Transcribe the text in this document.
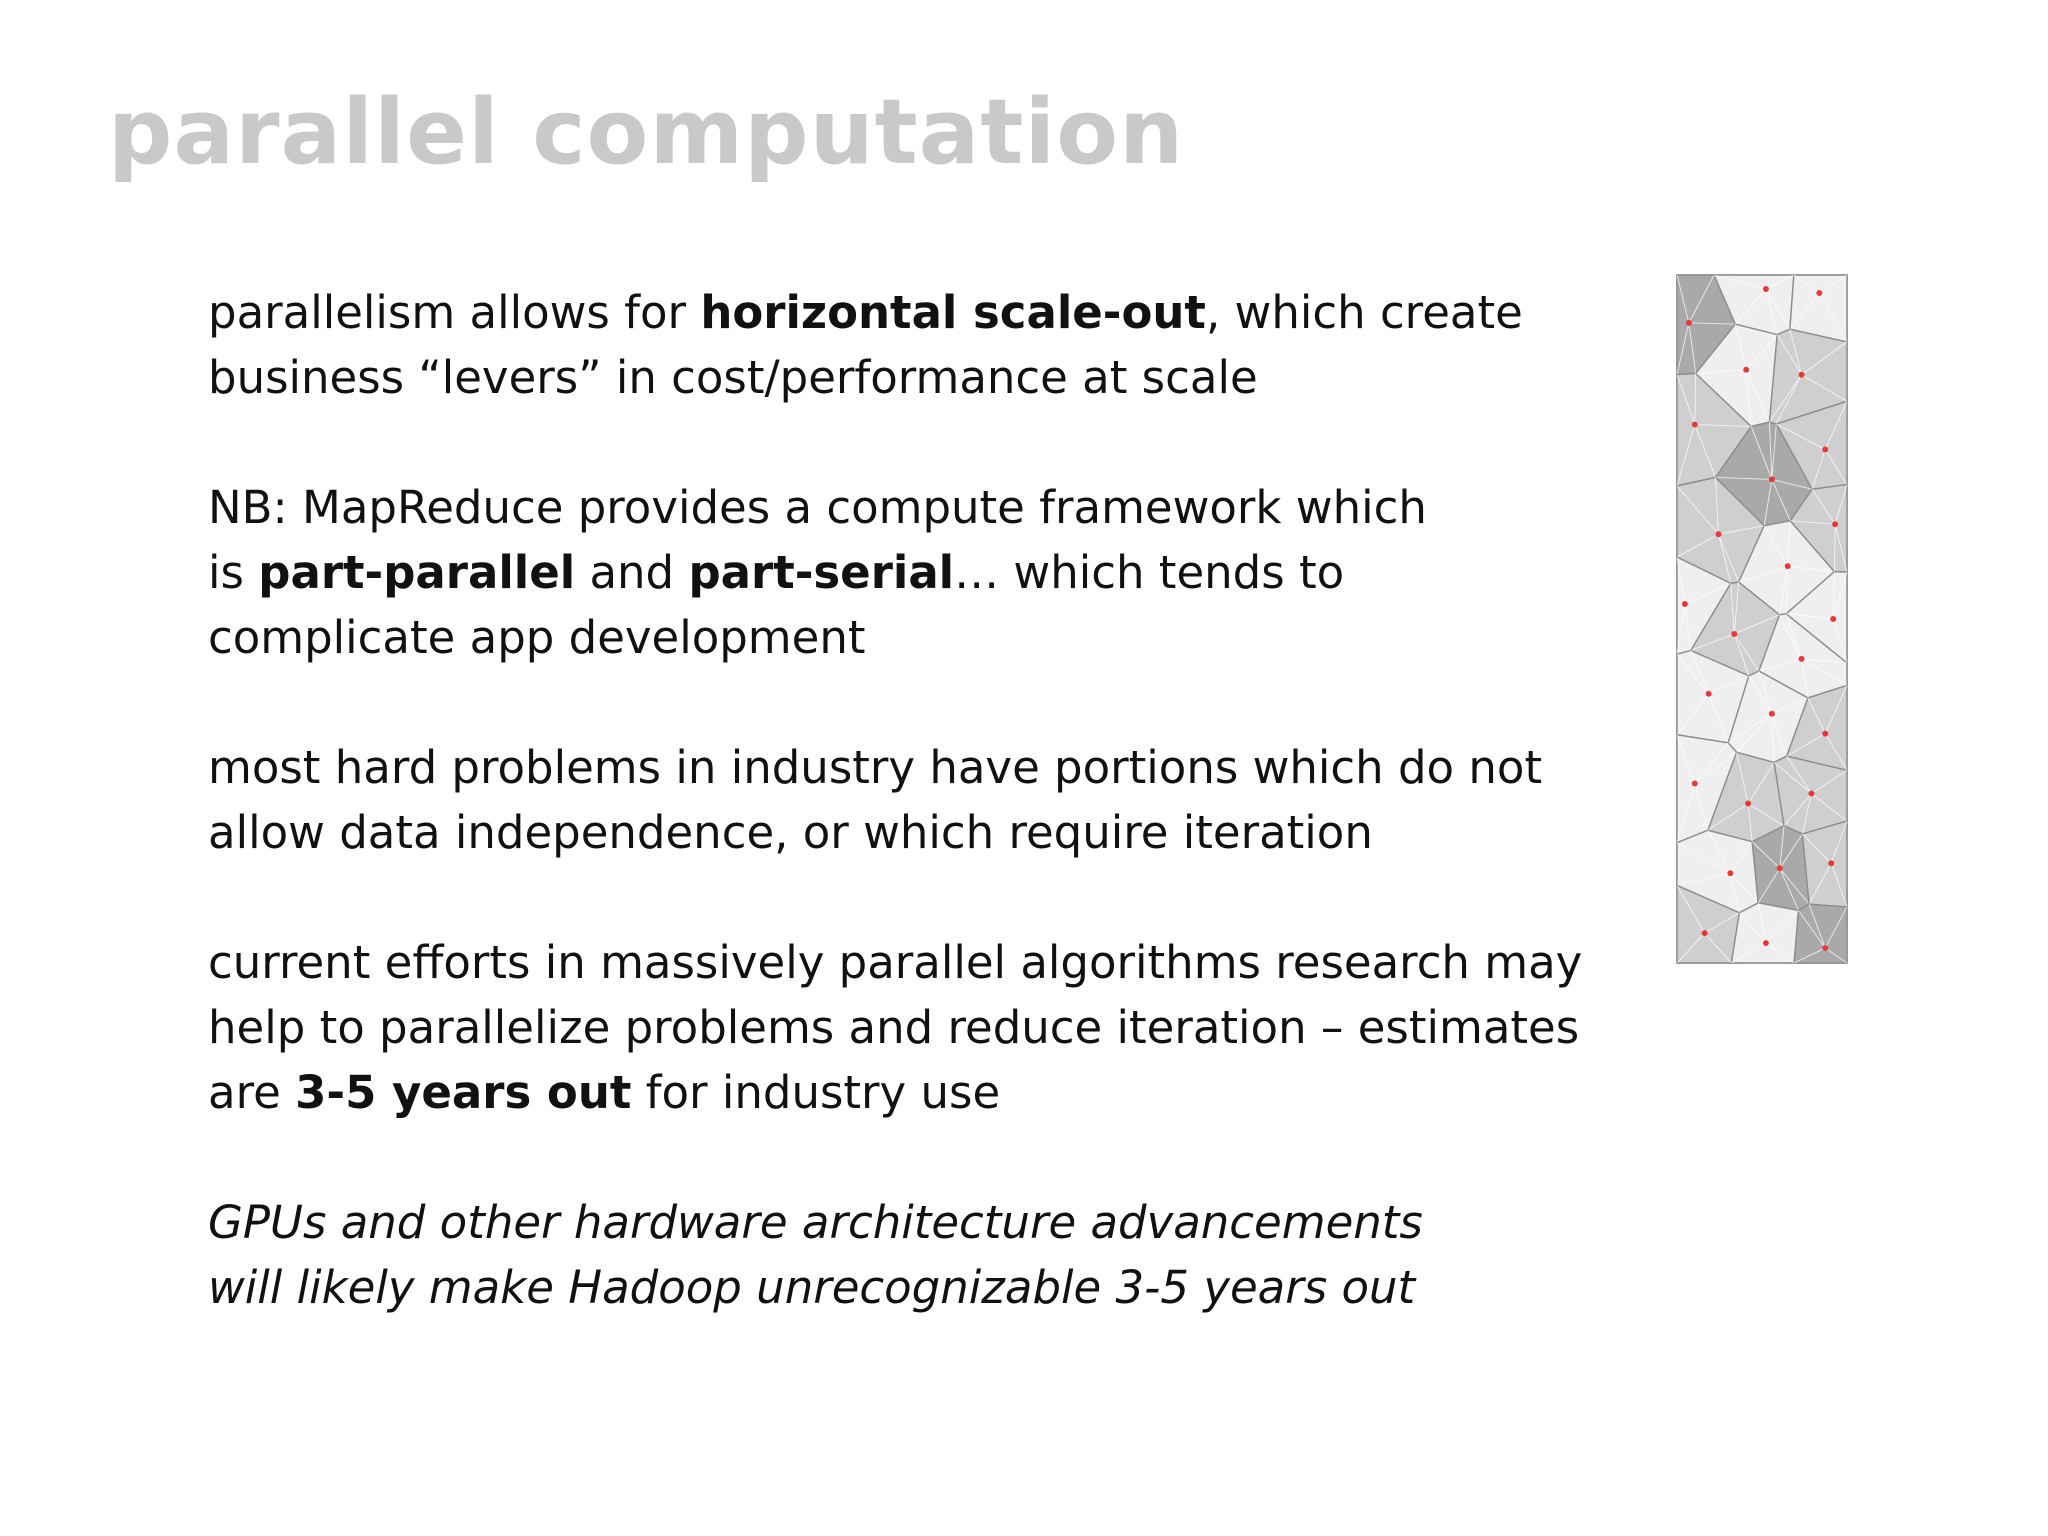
parallel computation

parallelism allows for horizontal scale-out, which create
business “levers” in cost/performance at scale

NB: MapReduce provides a compute framework which
is part-parallel and part-serial… which tends to
complicate app development

most hard problems in industry have portions which do not
allow data independence, or which require iteration

current efforts in massively parallel algorithms research may
help to parallelize problems and reduce iteration – estimates
are 3-5 years out for industry use

GPUs and other hardware architecture advancements
will likely make Hadoop unrecognizable 3-5 years out
